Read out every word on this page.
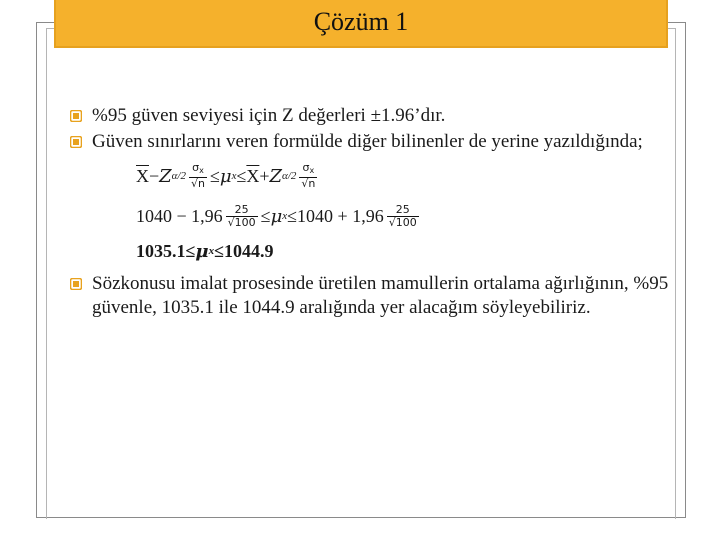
Çözüm 1
%95 güven seviyesi için Z değerleri ±1.96’dır.
Güven sınırlarını veren formülde diğer bilinenler de yerine yazıldığında;
$\overline{X} - Z$ $\alpha/2 \frac{\sigma x}{√n} \le \mu$ $x \le \overline{X} + Z$ $\alpha/2 \frac{\sigma x}{√n}$
$1040 - 1,96 \frac{25}{√100} \le \mu$ $x \le 1040 + 1,96 \frac{25}{√100}$
1035.1 ≤ μ x ≤ 1044.9
Sözkonusu imalat prosesinde üretilen mamullerin ortalama ağırlığının, %95 güvenle, 1035.1 ile 1044.9 aralığında yer alacağım söyleyebiliriz.
